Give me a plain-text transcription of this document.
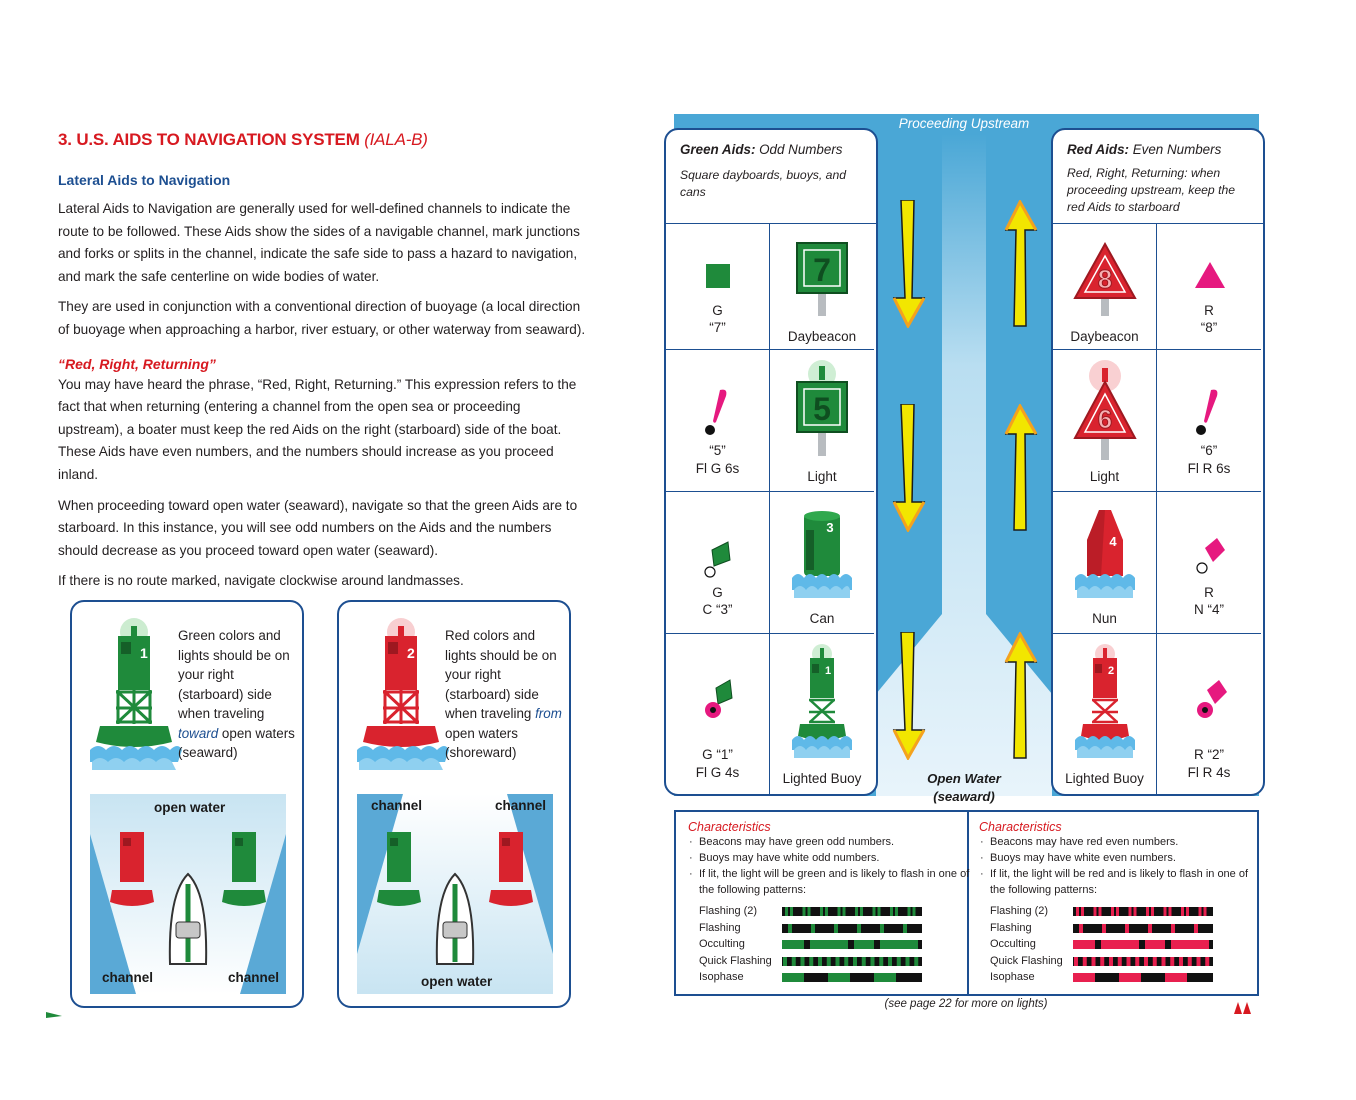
3. U.S. AIDS TO NAVIGATION SYSTEM (IALA-B)
Lateral Aids to Navigation

Lateral Aids to Navigation are generally used for well-defined channels to indicate the route to be followed. These Aids show the sides of a navigable channel, mark junctions and forks or splits in the channel, indicate the safe side to pass a hazard to navigation, and mark the safe centerline on wide bodies of water.

They are used in conjunction with a conventional direction of buoyage (a local direction of buoyage when approaching a harbor, river estuary, or other waterway from seaward).

“Red, Right, Returning”

You may have heard the phrase, “Red, Right, Returning.” This expression refers to the fact that when returning (entering a channel from the open sea or proceeding upstream), a boater must keep the red Aids on the right (starboard) side of the boat. These Aids have even numbers, and the numbers should increase as you proceed inland.

When proceeding toward open water (seaward), navigate so that the green Aids are to starboard. In this instance, you will see odd numbers on the Aids and the numbers should decrease as you proceed toward open water (seaward).

If there is no route marked, navigate clockwise around landmasses.

1
Green colors and lights should be on your right (starboard) side when traveling toward open waters (seaward)
open water
channel	channel
2
Red colors and lights should be on your right (starboard) side when traveling from open waters (shoreward)
channel	channel
open water
Proceeding Upstream
Open Water
(seaward)
Green Aids: Odd Numbers
Square dayboards, buoys, and cans
G
“7”
7
Daybeacon
“5”
Fl G 6s
5
Light
G
C “3”
3
Can
G “1”
Fl G 4s
1
Lighted Buoy
Red Aids: Even Numbers
Red, Right, Returning: when proceeding upstream, keep the red Aids to starboard
8
Daybeacon
R
“8”
6
Light
“6”
Fl R 6s
4
Nun
R
N “4”
2
Lighted Buoy
R “2”
Fl R 4s
Characteristics
· Beacons may have green odd numbers.
· Buoys may have white odd numbers.
· If lit, the light will be green and is likely to flash in one of the following patterns:
Flashing (2)
Flashing
Occulting
Quick Flashing
Isophase
Characteristics
· Beacons may have red even numbers.
· Buoys may have white even numbers.
· If lit, the light will be red and is likely to flash in one of the following patterns:
Flashing (2)
Flashing
Occulting
Quick Flashing
Isophase
(see page 22 for more on lights)
